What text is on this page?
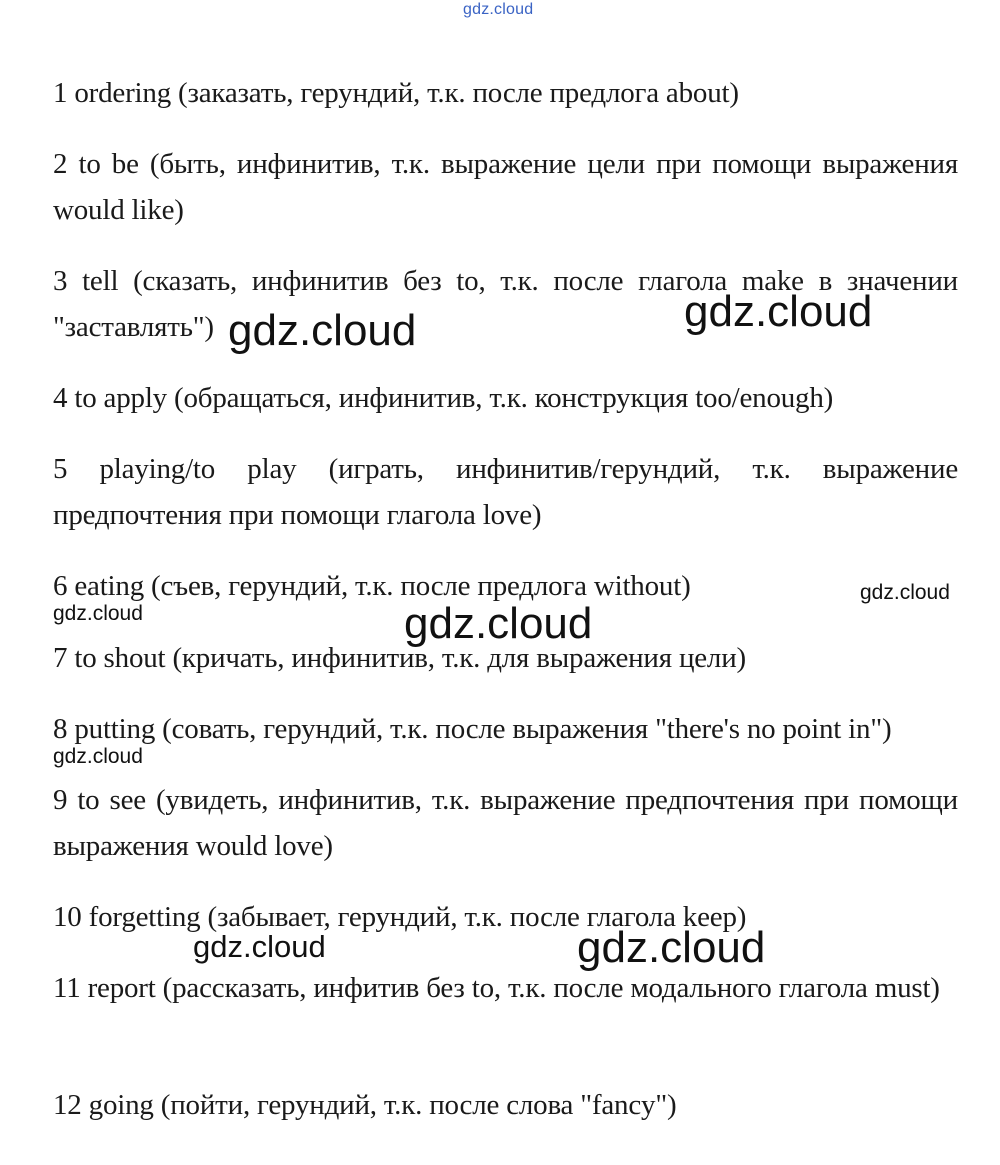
gdz.cloud
1 ordering (заказать, герундий, т.к. после предлога about)
2 to be (быть, инфинитив, т.к. выражение цели при помощи выражения would like)
3 tell (сказать, инфинитив без to, т.к. после глагола make в значении "заставлять")
4 to apply (обращаться, инфинитив, т.к. конструкция too/enough)
5 playing/to play (играть, инфинитив/герундий, т.к. выражение предпочтения при помощи глагола love)
6 eating (съев, герундий, т.к. после предлога without)
7 to shout (кричать, инфинитив, т.к. для выражения цели)
8 putting (совать, герундий, т.к. после выражения "there's no point in")
9 to see (увидеть, инфинитив, т.к. выражение предпочтения при помощи выражения would love)
10 forgetting (забывает, герундий, т.к. после глагола keep)
11 report (рассказать, инфитив без to, т.к. после модального глагола must)
12 going (пойти, герундий, т.к. после слова "fancy")
gdz.cloud	gdz.cloud
gdz.cloud
gdz.cloud	gdz.cloud
gdz.cloud
gdz.cloud
gdz.cloud
